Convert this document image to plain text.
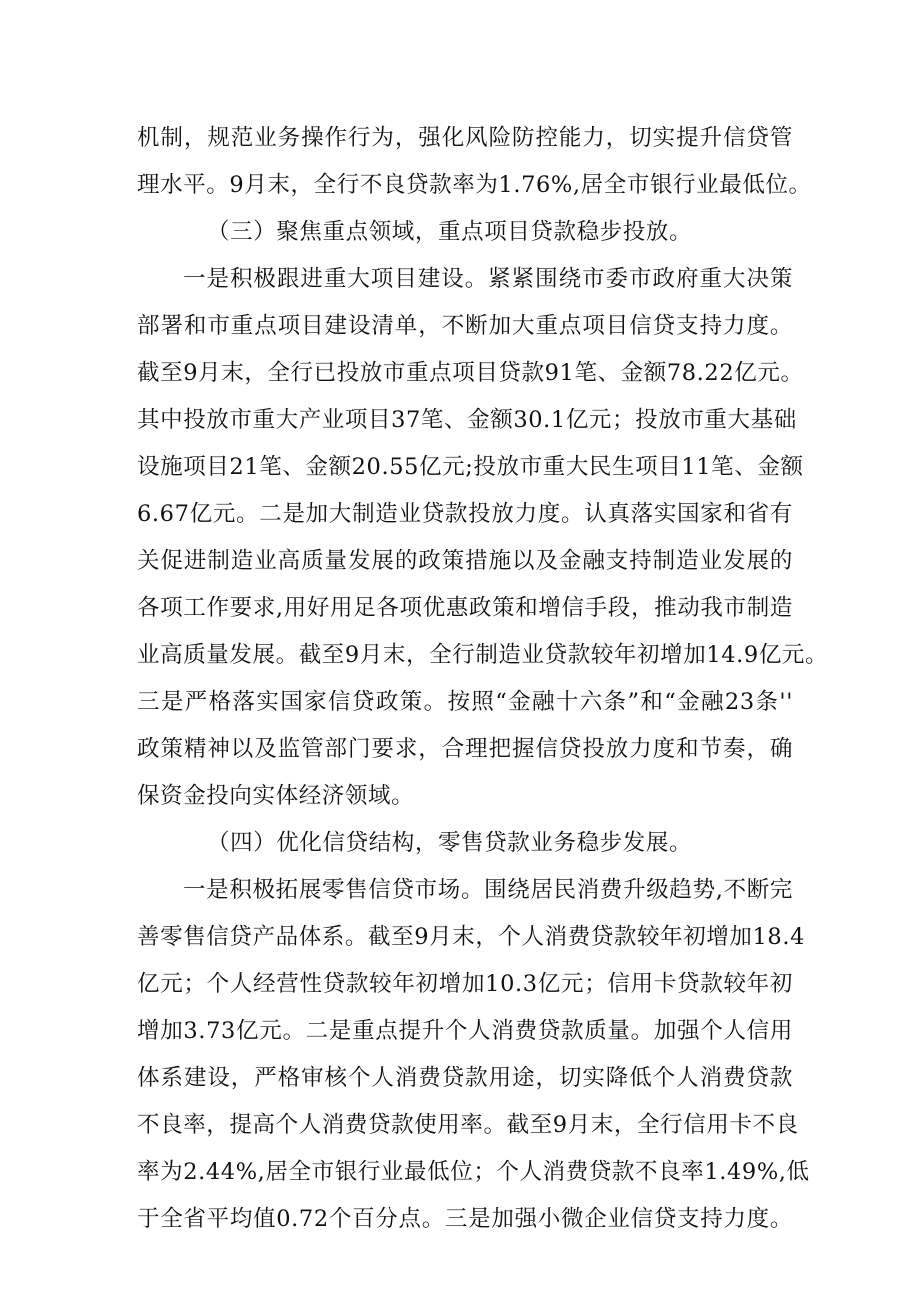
机制，规范业务操作行为，强化风险防控能力，切实提升信贷管
理水平。9月末，全行不良贷款率为1.76%,居全市银行业最低位。
（三）聚焦重点领域，重点项目贷款稳步投放。
一是积极跟进重大项目建设。紧紧围绕市委市政府重大决策
部署和市重点项目建设清单，不断加大重点项目信贷支持力度。
截至9月末，全行已投放市重点项目贷款91笔、金额78.22亿元。
其中投放市重大产业项目37笔、金额30.1亿元；投放市重大基础
设施项目21笔、金额20.55亿元;投放市重大民生项目11笔、金额
6.67亿元。二是加大制造业贷款投放力度。认真落实国家和省有
关促进制造业高质量发展的政策措施以及金融支持制造业发展的
各项工作要求,用好用足各项优惠政策和增信手段，推动我市制造
业高质量发展。截至9月末，全行制造业贷款较年初增加14.9亿元。
三是严格落实国家信贷政策。按照“金融十六条”和“金融23条''
政策精神以及监管部门要求，合理把握信贷投放力度和节奏，确
保资金投向实体经济领域。
（四）优化信贷结构，零售贷款业务稳步发展。
一是积极拓展零售信贷市场。围绕居民消费升级趋势,不断完
善零售信贷产品体系。截至9月末，个人消费贷款较年初增加18.4
亿元；个人经营性贷款较年初增加10.3亿元；信用卡贷款较年初
增加3.73亿元。二是重点提升个人消费贷款质量。加强个人信用
体系建设，严格审核个人消费贷款用途，切实降低个人消费贷款
不良率，提高个人消费贷款使用率。截至9月末，全行信用卡不良
率为2.44%,居全市银行业最低位；个人消费贷款不良率1.49%,低
于全省平均值0.72个百分点。三是加强小微企业信贷支持力度。
